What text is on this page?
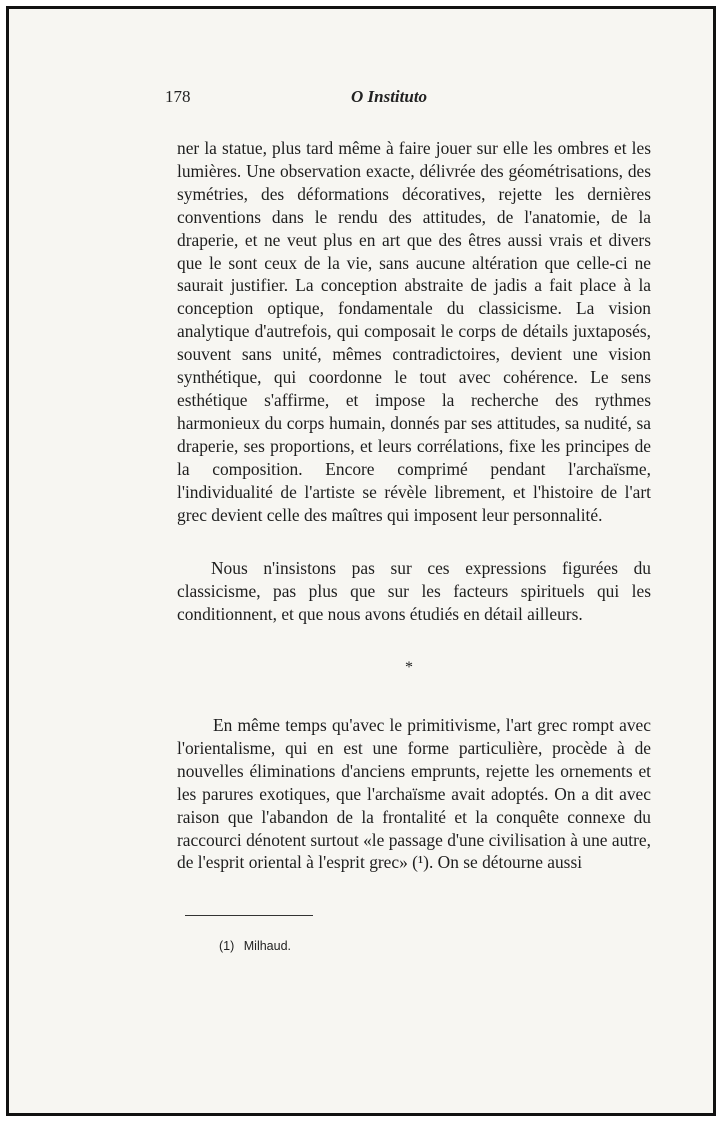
178	O Instituto
ner la statue, plus tard même à faire jouer sur elle les ombres et les lumières. Une observation exacte, délivrée des géométrisations, des symétries, des déformations décoratives, rejette les dernières conventions dans le rendu des attitudes, de l'anatomie, de la draperie, et ne veut plus en art que des êtres aussi vrais et divers que le sont ceux de la vie, sans aucune altération que celle-ci ne saurait justifier. La conception abstraite de jadis a fait place à la conception optique, fondamentale du classicisme. La vision analytique d'autrefois, qui composait le corps de détails juxtaposés, souvent sans unité, mêmes contradictoires, devient une vision synthétique, qui coordonne le tout avec cohérence. Le sens esthétique s'affirme, et impose la recherche des rythmes harmonieux du corps humain, donnés par ses attitudes, sa nudité, sa draperie, ses proportions, et leurs corrélations, fixe les principes de la composition. Encore comprimé pendant l'archaïsme, l'individualité de l'artiste se révèle librement, et l'histoire de l'art grec devient celle des maîtres qui imposent leur personnalité.
Nous n'insistons pas sur ces expressions figurées du classicisme, pas plus que sur les facteurs spirituels qui les conditionnent, et que nous avons étudiés en détail ailleurs.
*
En même temps qu'avec le primitivisme, l'art grec rompt avec l'orientalisme, qui en est une forme particulière, procède à de nouvelles éliminations d'anciens emprunts, rejette les ornements et les parures exotiques, que l'archaïsme avait adoptés. On a dit avec raison que l'abandon de la frontalité et la conquête connexe du raccourci dénotent surtout «le passage d'une civilisation à une autre, de l'esprit oriental à l'esprit grec» (¹). On se détourne aussi
(1) Milhaud.
